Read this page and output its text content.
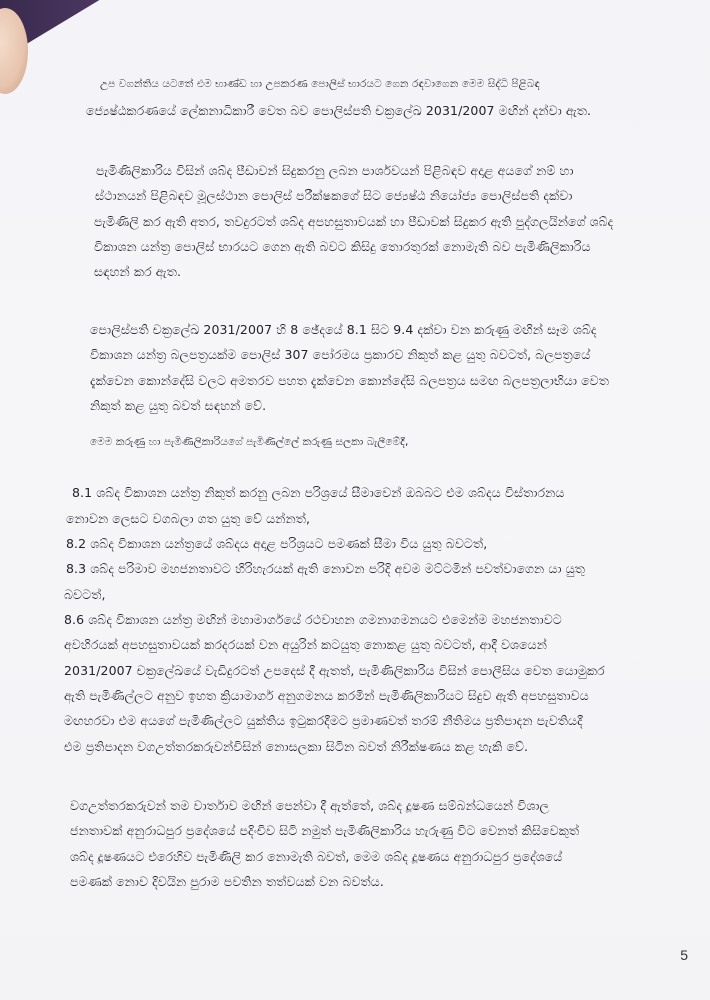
උප වගන්තිය යටතේ එම භාණ්ඩ හා උපකරණ පොලිස් භාරයට ගෙන රඳවාගෙන මෙම සිද්ධි පිළිබඳ
ජ්‍යෙෂ්ඨකරණයේ ලේකනාධිකාරී වෙත බව පොලිස්පති චක්‍රලේඛ 2031/2007 මඟින් දන්වා ඇත.
පැමිණිලිකාරිය විසින් ශබ්ද පීඩාවන් සිදුකරනු ලබන පාර්ශවයන් පිළිබඳව අදාළ අයගේ නම් හා
ස්ථානයන් පිළිබඳව මූලස්ථාන පොලිස් පරීක්ෂකගේ සිට ජ්‍යෙෂ්ඨ නියෝජ්‍ය පොලිස්පති දක්වා
පැමිණිලි කර ඇති අතර, තවදුරටත් ශබ්ද අපහසුතාවයක් හා පීඩාවක් සිදුකර ඇති පුද්ගලයින්ගේ ශබ්ද
විකාශන යන්ත්‍ර පොලිස් භාරයට ගෙන ඇති බවට කිසිදු තොරතුරක් නොමැති බව පැමිණිලිකාරිය
සඳහන් කර ඇත.
පොලිස්පති චක්‍රලේඛ 2031/2007 හි 8 ඡේදයේ 8.1 සිට 9.4 දක්වා වන කරුණු මඟින් සෑම ශබ්ද
විකාශන යන්ත්‍ර බලපත්‍රයක්ම පොලිස් 307 පෝරමය ප්‍රකාරව නිකුත් කළ යුතු බවටත්, බලපත්‍රයේ
දැක්වෙන කොන්දේසි වලට අමතරව පහත දැක්වෙන කොන්දේසි බලපත්‍රය සමඟ බලපත්‍රලාභියා වෙත
නිකුත් කළ යුතු බවත් සඳහන් වේ.
මෙම කරුණු හා පැමිණිලිකාරියගේ පැමිණිල්ලේ කරුණු සලකා බැලීමේදී,
8.1 ශබ්ද විකාශන යන්ත්‍ර නිකුත් කරනු ලබන පරිශ්‍රයේ සීමාවෙන් ඔබබට එම ශබ්දය විස්තාරනය
නොවන ලෙසට වගබලා ගත යුතු වේ යන්නත්,
8.2 ශබ්ද විකාශන යන්ත්‍රයේ ශබ්දය අදාළ පරිශ්‍රයට පමණක් සීමා විය යුතු බවටත්,
8.3 ශබ්ද පරිමාව මහජනතාවට හිරිහැරයක් ඇති නොවන පරිදි අවම මට්ටමින් පවත්වාගෙන යා යුතු
බවටත්,
8.6 ශබ්ද විකාශන යන්ත්‍ර මඟින් මහාමාර්ගයේ රථවාහන ගමනාගමනයට එමෙන්ම මහජනතාවට
අවහිරයක් අපහසුතාවයක් කරදරයක් වන අයුරින් කටයුතු නොකළ යුතු බවටත්, ආදී වශයෙන්
2031/2007 චක්‍රලේඛයේ වැඩිදුරටත් උපදෙස් දී ඇතත්, පැමිණිලිකාරිය විසින් පොලීසිය වෙත යොමුකර
ඇති පැමිණිල්ලට අනුව ඉහත ක්‍රියාමාර්ග අනුගමනය කරමින් පැමිණිලිකාරියට සිදුව ඇති අපහසුතාවය
මඟහරවා එම අයගේ පැමිණිල්ලට යුක්තිය ඉටුකරදීමට ප්‍රමාණවත් තරම් නීතිමය ප්‍රතිපාදන පැවතියදී
එම ප්‍රතිපාදන වගඋත්තරකරුවන්විසින් නොසලකා සිටින බවත් නිරීක්ෂණය කළ හැකි වේ.
වගඋත්තරකරුවන් තම වාර්තාව මඟින් පෙන්වා දී ඇත්තේ, ශබ්ද දූෂණ සම්බන්ධයෙන් විශාල
ජනතාවක් අනුරාධපුර ප්‍රදේශයේ පදිංචිව සිටි නමුත් පැමිණිලිකාරිය හැරුණු විට වෙනත් කිසිවෙකුත්
ශබ්ද දූෂණයට එරෙහිව පැමිණිලි කර නොමැති බවත්, මෙම ශබ්ද දූෂණය අනුරාධපුර ප්‍රදේශයේ
පමණක් නොව දිවයින පුරාම පවතින තත්වයක් වන බවත්ය.
5
